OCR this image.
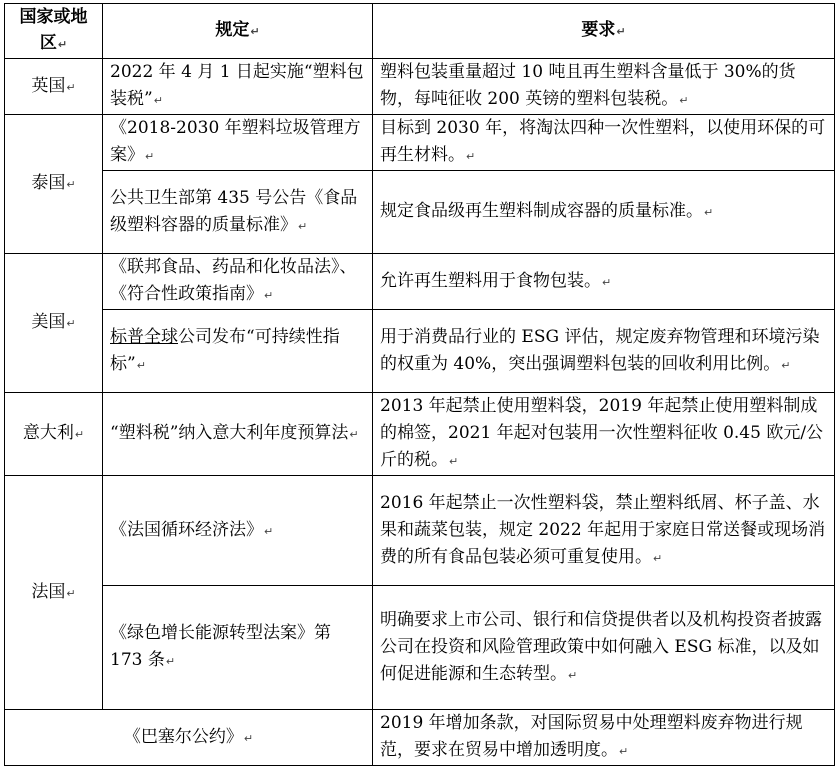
国家或地区↵	规定↵	要求↵
英国↵	2022 年 4 月 1 日起实施“塑料包装税”↵	塑料包装重量超过 10 吨且再生塑料含量低于 30%的货物，每吨征收 200 英镑的塑料包装税。↵
泰国↵	《2018-2030 年塑料垃圾管理方案》↵	目标到 2030 年，将淘汰四种一次性塑料，以使用环保的可再生材料。↵
	公共卫生部第 435 号公告《食品级塑料容器的质量标准》↵	规定食品级再生塑料制成容器的质量标准。↵
美国↵	《联邦食品、药品和化妆品法》、《符合性政策指南》↵	允许再生塑料用于食物包装。↵
	标普全球公司发布“可持续性指标”↵	用于消费品行业的 ESG 评估，规定废弃物管理和环境污染的权重为 40%，突出强调塑料包装的回收利用比例。↵
意大利↵	“塑料税”纳入意大利年度预算法↵	2013 年起禁止使用塑料袋，2019 年起禁止使用塑料制成的棉签，2021 年起对包装用一次性塑料征收 0.45 欧元/公斤的税。↵
法国↵	《法国循环经济法》↵	2016 年起禁止一次性塑料袋，禁止塑料纸屑、杯子盖、水果和蔬菜包装，规定 2022 年起用于家庭日常送餐或现场消费的所有食品包装必须可重复使用。↵
	《绿色增长能源转型法案》第 173 条↵	明确要求上市公司、银行和信贷提供者以及机构投资者披露公司在投资和风险管理政策中如何融入 ESG 标准，以及如何促进能源和生态转型。↵
《巴塞尔公约》↵		2019 年增加条款，对国际贸易中处理塑料废弃物进行规范，要求在贸易中增加透明度。↵
